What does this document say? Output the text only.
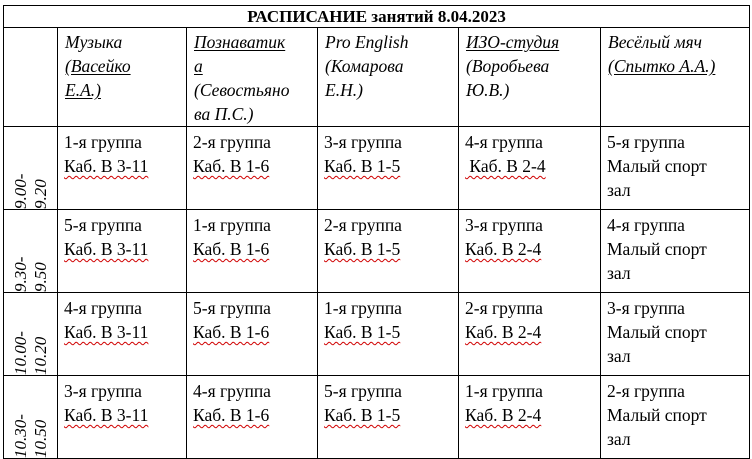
РАСПИСАНИЕ занятий 8.04.2023					

	Музыка
(Васейко
Е.А.)	Познаватик
а
(Севостьяно
ва П.С.)	Pro English
(Комарова
Е.Н.)	ИЗО-студия
(Воробьева
Ю.В.)	Весёлый мяч
(Сnыmко А.А.)

9.00-
9.20	1-я группа
Каб. В 3-11	2-я группа
Каб. В 1-6	3-я группа
Каб. В 1-5	4-я группа
Каб. В 2-4	5-я группа
Малый спорт
зал

9.30-
9.50	5-я группа
Каб. В 3-11	1-я группа
Каб. В 1-6	2-я группа
Каб. В 1-5	3-я группа
Каб. В 2-4	4-я группа
Малый спорт
зал

10.00-
10.20	4-я группа
Каб. В 3-11	5-я группа
Каб. В 1-6	1-я группа
Каб. В 1-5	2-я группа
Каб. В 2-4	3-я группа
Малый спорт
зал

10.30-
10.50	3-я группа
Каб. В 3-11	4-я группа
Каб. В 1-6	5-я группа
Каб. В 1-5	1-я группа
Каб. В 2-4	2-я группа
Малый спорт
зал
